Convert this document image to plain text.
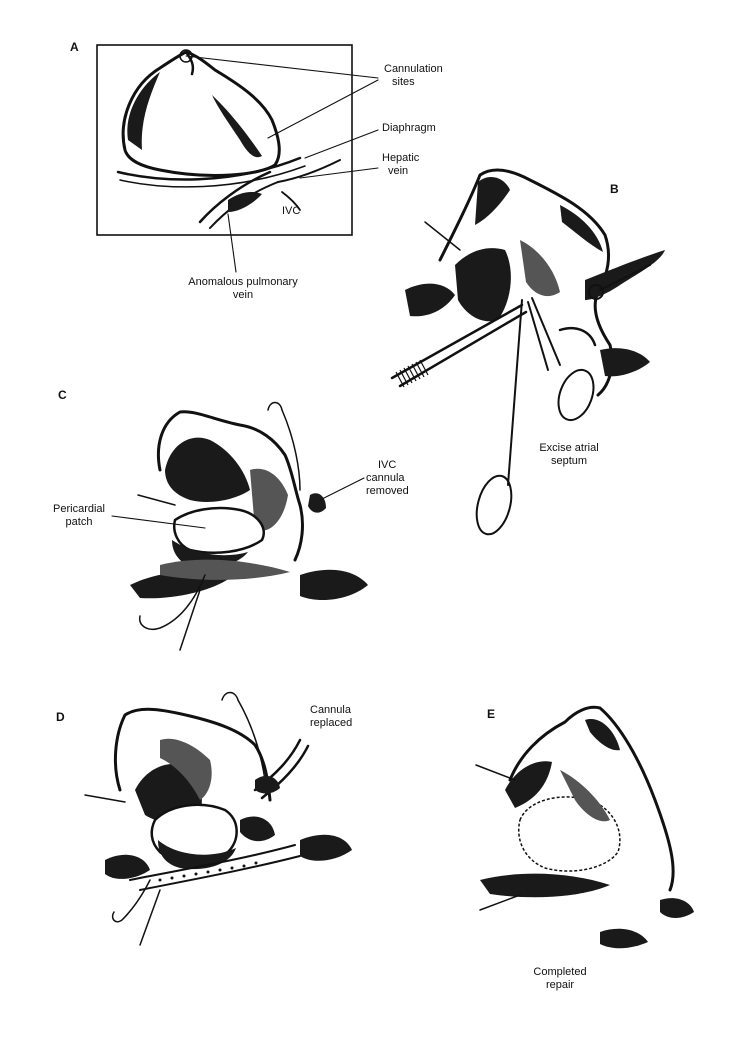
A
B
C
D	E
Cannulation
sites
Diaphragm
Hepatic
vein
IVC
Anomalous pulmonary
vein
Excise atrial
septum
Pericardial
patch
IVC
cannula
removed
Cannula
replaced
Completed
repair
